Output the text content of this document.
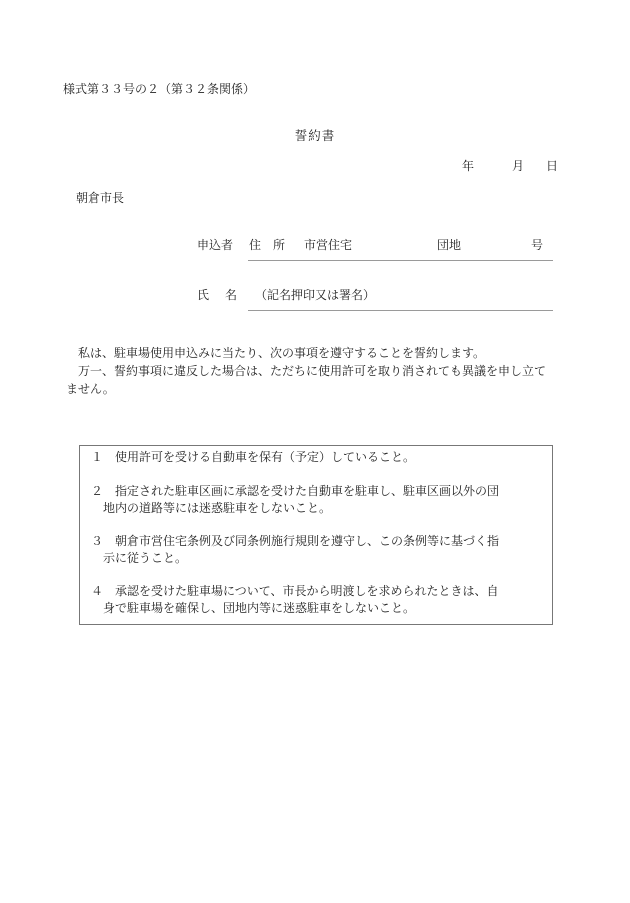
様式第３３号の２（第３２条関係）
誓約書
年	月 日
朝倉市長
申込者 住 所 市営住宅	団地	号
氏 名 （記名押印又は署名）

私は、駐車場使用申込みに当たり、次の事項を遵守することを誓約します。

万一、誓約事項に違反した場合は、ただちに使用許可を取り消されても異議を申し立てません。

１ 使用許可を受ける自動車を保有（予定）していること。
２ 指定された駐車区画に承認を受けた自動車を駐車し、駐車区画以外の団
地内の道路等には迷惑駐車をしないこと。
３ 朝倉市営住宅条例及び同条例施行規則を遵守し、この条例等に基づく指
示に従うこと。
４ 承認を受けた駐車場について、市長から明渡しを求められたときは、自
身で駐車場を確保し、団地内等に迷惑駐車をしないこと。
